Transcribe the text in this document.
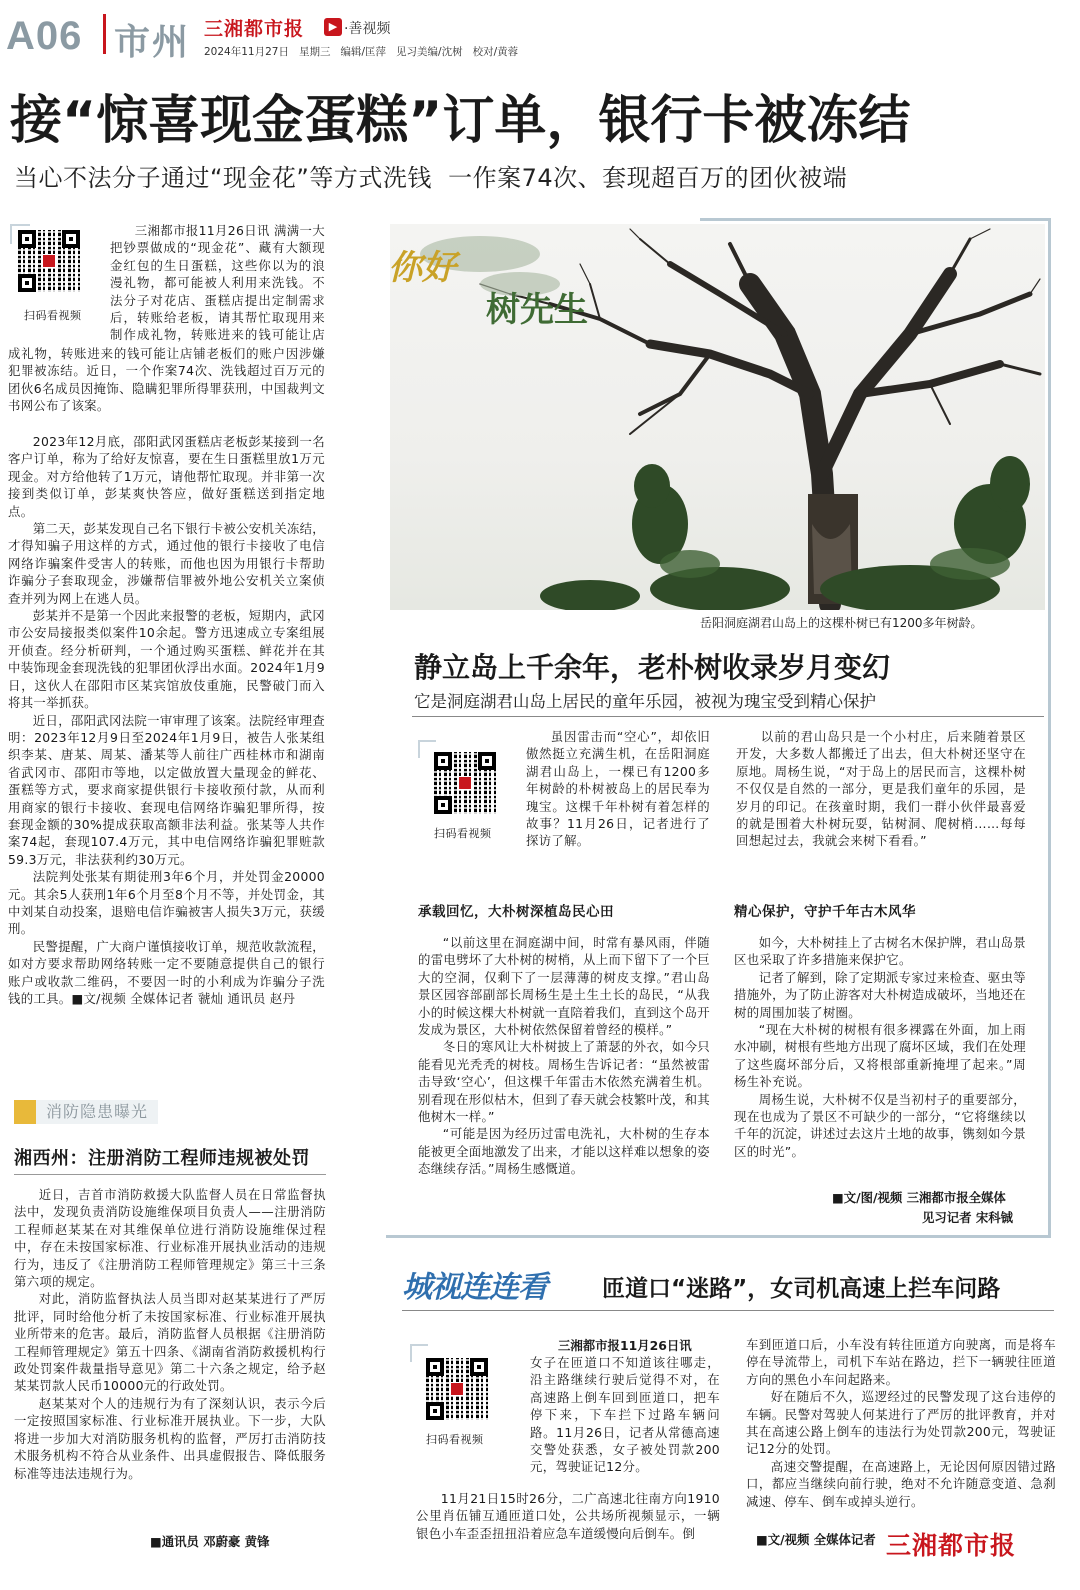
A06 市州 三湘都市报	▶ ·善视频
2024年11月27日 星期三 编辑/匡萍 见习美编/沈树 校对/黄蓉
接“惊喜现金蛋糕”订单，银行卡被冻结
当心不法分子通过“现金花”等方式洗钱  一作案74次、套现超百万的团伙被端
扫码看视频

三湘都市报11月26日讯 满满一大把钞票做成的“现金花”、藏有大额现金红包的生日蛋糕，这些你以为的浪漫礼物，都可能被人利用来洗钱。不法分子对花店、蛋糕店提出定制需求后，转账给老板，请其帮忙取现用来制作成礼物，转账进来的钱可能让店

成礼物，转账进来的钱可能让店铺老板们的账户因涉嫌犯罪被冻结。近日，一个作案74次、洗钱超过百万元的团伙6名成员因掩饰、隐瞒犯罪所得罪获刑，中国裁判文书网公布了该案。

2023年12月底，邵阳武冈蛋糕店老板彭某接到一名客户订单，称为了给好友惊喜，要在生日蛋糕里放1万元现金。对方给他转了1万元，请他帮忙取现。并非第一次接到类似订单，彭某爽快答应，做好蛋糕送到指定地点。

第二天，彭某发现自己名下银行卡被公安机关冻结，才得知骗子用这样的方式，通过他的银行卡接收了电信网络诈骗案件受害人的转账，而他也因为用银行卡帮助诈骗分子套取现金，涉嫌帮信罪被外地公安机关立案侦查并列为网上在逃人员。

彭某并不是第一个因此来报警的老板，短期内，武冈市公安局接报类似案件10余起。警方迅速成立专案组展开侦查。经分析研判，一个通过购买蛋糕、鲜花并在其中装饰现金套现洗钱的犯罪团伙浮出水面。2024年1月9日，这伙人在邵阳市区某宾馆放伎重施，民警破门而入将其一举抓获。

近日，邵阳武冈法院一审审理了该案。法院经审理查明：2023年12月9日至2024年1月9日，被告人张某组织李某、唐某、周某、潘某等人前往广西桂林市和湖南省武冈市、邵阳市等地，以定做放置大量现金的鲜花、蛋糕等方式，要求商家提供银行卡接收预付款，从而利用商家的银行卡接收、套现电信网络诈骗犯罪所得，按套现金额的30%提成获取高额非法利益。张某等人共作案74起，套现107.4万元，其中电信网络诈骗犯罪赃款59.3万元，非法获利约30万元。

法院判处张某有期徒刑3年6个月，并处罚金20000元。其余5人获刑1年6个月至8个月不等，并处罚金，其中刘某自动投案，退赔电信诈骗被害人损失3万元，获缓刑。

民警提醒，广大商户谨慎接收订单，规范收款流程，如对方要求帮助网络转账一定不要随意提供自己的银行账户或收款二维码，不要因一时的小利成为诈骗分子洗钱的工具。■文/视频 全媒体记者 虢灿 通讯员 赵丹

消防隐患曝光
湘西州：注册消防工程师违规被处罚

近日，吉首市消防救援大队监督人员在日常监督执法中，发现负责消防设施维保项目负责人——注册消防工程师赵某某在对其维保单位进行消防设施维保过程中，存在未按国家标准、行业标准开展执业活动的违规行为，违反了《注册消防工程师管理规定》第三十三条第六项的规定。

对此，消防监督执法人员当即对赵某某进行了严厉批评，同时给他分析了未按国家标准、行业标准开展执业所带来的危害。最后，消防监督人员根据《注册消防工程师管理规定》第五十四条、《湖南省消防救援机构行政处罚案件裁量指导意见》第二十六条之规定，给予赵某某罚款人民币10000元的行政处罚。

赵某某对个人的违规行为有了深刻认识，表示今后一定按照国家标准、行业标准开展执业。下一步，大队将进一步加大对消防服务机构的监督，严厉打击消防技术服务机构不符合从业条件、出具虚假报告、降低服务标准等违法违规行为。

■通讯员 邓蔚豪 黄锋
你好
树先生
岳阳洞庭湖君山岛上的这棵朴树已有1200多年树龄。
静立岛上千余年，老朴树收录岁月变幻
它是洞庭湖君山岛上居民的童年乐园，被视为瑰宝受到精心保护
扫码看视频

虽因雷击而“空心”，却依旧傲然挺立充满生机，在岳阳洞庭湖君山岛上，一棵已有1200多年树龄的朴树被岛上的居民奉为瑰宝。这棵千年朴树有着怎样的故事？11月26日，记者进行了探访了解。

以前的君山岛只是一个小村庄，后来随着景区开发，大多数人都搬迁了出去，但大朴树还坚守在原地。周杨生说，“对于岛上的居民而言，这棵朴树不仅仅是自然的一部分，更是我们童年的乐园，是岁月的印记。在孩童时期，我们一群小伙伴最喜爱的就是围着大朴树玩耍，钻树洞、爬树梢……每每回想起过去，我就会来树下看看。”

承载回忆，大朴树深植岛民心田

“以前这里在洞庭湖中间，时常有暴风雨，伴随的雷电劈坏了大朴树的树梢，从上而下留下了一个巨大的空洞，仅剩下了一层薄薄的树皮支撑。”君山岛景区园容部副部长周杨生是土生土长的岛民，“从我小的时候这棵大朴树就一直陪着我们，直到这个岛开发成为景区，大朴树依然保留着曾经的模样。”

冬日的寒风让大朴树披上了萧瑟的外衣，如今只能看见光秃秃的树枝。周杨生告诉记者：“虽然被雷击导致‘空心’，但这棵千年雷击木依然充满着生机。别看现在形似枯木，但到了春天就会枝繁叶茂，和其他树木一样。”

“可能是因为经历过雷电洗礼，大朴树的生存本能被更全面地激发了出来，才能以这样难以想象的姿态继续存活。”周杨生感慨道。

精心保护，守护千年古木风华

如今，大朴树挂上了古树名木保护牌，君山岛景区也采取了许多措施来保护它。

记者了解到，除了定期派专家过来检查、驱虫等措施外，为了防止游客对大朴树造成破坏，当地还在树的周围加装了树圈。

“现在大朴树的树根有很多裸露在外面，加上雨水冲刷，树根有些地方出现了腐坏区域，我们在处理了这些腐坏部分后，又将根部重新掩埋了起来。”周杨生补充说。

周杨生说，大朴树不仅是当初村子的重要部分，现在也成为了景区不可缺少的一部分，“它将继续以千年的沉淀，讲述过去这片土地的故事，镌刻如今景区的时光”。

■文/图/视频 三湘都市报全媒体
见习记者 宋科铖
城视连连看 匝道口“迷路”，女司机高速上拦车问路
扫码看视频
三湘都市报11月26日讯

女子在匝道口不知道该往哪走，沿主路继续行驶后觉得不对，在高速路上倒车回到匝道口，把车停下来，下车拦下过路车辆问路。11月26日，记者从常德高速交警处获悉，女子被处罚款200元，驾驶证记12分。

11月21日15时26分，二广高速北往南方向1910公里肖伍铺互通匝道口处，公共场所视频显示，一辆银色小车歪歪扭扭沿着应急车道缓慢向后倒车。倒

车到匝道口后，小车没有转往匝道方向驶离，而是将车停在导流带上，司机下车站在路边，拦下一辆驶往匝道方向的黑色小车问起路来。

好在随后不久，巡逻经过的民警发现了这台违停的车辆。民警对驾驶人何某进行了严厉的批评教育，并对其在高速公路上倒车的违法行为处罚款200元，驾驶证记12分的处罚。

高速交警提醒，在高速路上，无论因何原因错过路口，都应当继续向前行驶，绝对不允许随意变道、急刹减速、停车、倒车或掉头逆行。

■文/视频 全媒体记者 三湘都市报
